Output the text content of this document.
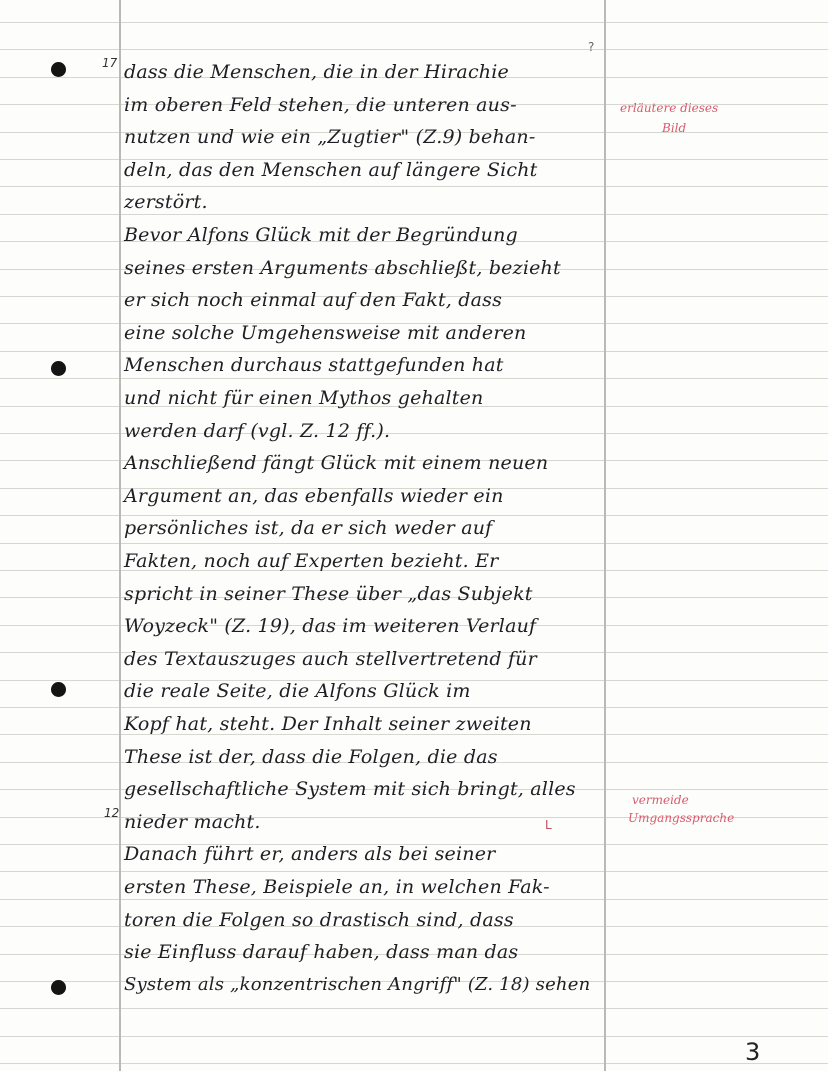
17
12
?
L
dass die Menschen, die in der Hirachie
im oberen Feld stehen, die unteren aus-
nutzen und wie ein „Zugtier" (Z.9) behan-
deln, das den Menschen auf längere Sicht
zerstört.
Bevor Alfons Glück mit der Begründung
seines ersten Arguments abschließt, bezieht
er sich noch einmal auf den Fakt, dass
eine solche Umgehensweise mit anderen
Menschen durchaus stattgefunden hat
und nicht für einen Mythos gehalten
werden darf (vgl. Z. 12 ff.).
Anschließend fängt Glück mit einem neuen
Argument an, das ebenfalls wieder ein
persönliches ist, da er sich weder auf
Fakten, noch auf Experten bezieht. Er
spricht in seiner These über „das Subjekt
Woyzeck" (Z. 19), das im weiteren Verlauf
des Textauszuges auch stellvertretend für
die reale Seite, die Alfons Glück im
Kopf hat, steht. Der Inhalt seiner zweiten
These ist der, dass die Folgen, die das
gesellschaftliche System mit sich bringt, alles
nieder macht.
Danach führt er, anders als bei seiner
ersten These, Beispiele an, in welchen Fak-
toren die Folgen so drastisch sind, dass
sie Einfluss darauf haben, dass man das
System als „konzentrischen Angriff" (Z. 18) sehen
erläutere dieses
Bild
vermeide
Umgangssprache
3
